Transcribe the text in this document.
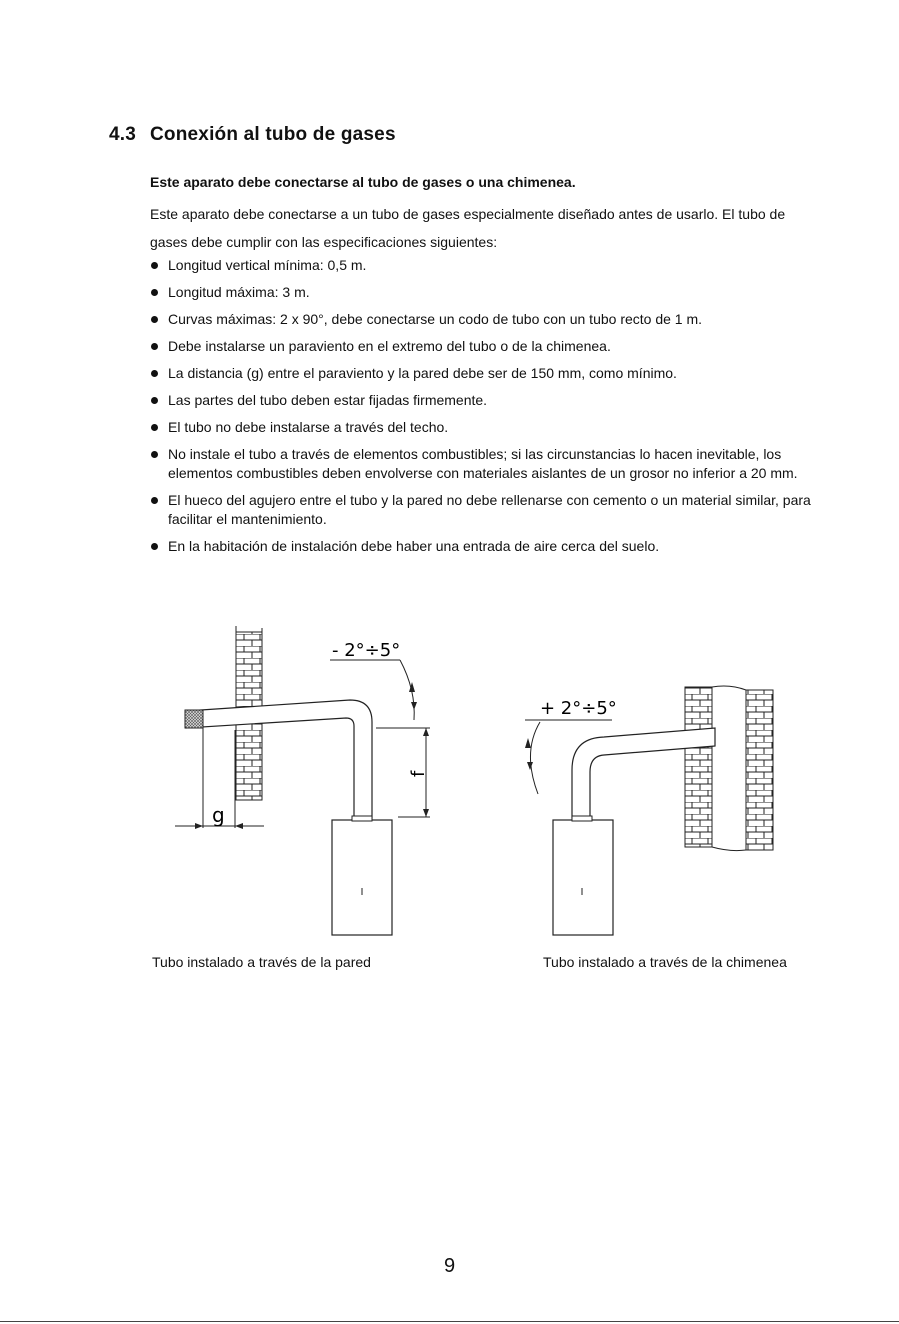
4.3 Conexión al tubo de gases
Este aparato debe conectarse al tubo de gases o una chimenea.
Este aparato debe conectarse a un tubo de gases especialmente diseñado antes de usarlo. El tubo de gases debe cumplir con las especificaciones siguientes:
Longitud vertical mínima: 0,5 m.
Longitud máxima: 3 m.
Curvas máximas: 2 x 90°, debe conectarse un codo de tubo con un tubo recto de 1 m.
Debe instalarse un paraviento en el extremo del tubo o de la chimenea.
La distancia (g) entre el paraviento y la pared debe ser de 150 mm, como mínimo.
Las partes del tubo deben estar fijadas firmemente.
El tubo no debe instalarse a través del techo.
No instale el tubo a través de elementos combustibles; si las circunstancias lo hacen inevitable, los elementos combustibles deben envolverse con materiales aislantes de un grosor no inferior a 20 mm.
El hueco del agujero entre el tubo y la pared no debe rellenarse con cemento o un material similar, para facilitar el mantenimiento.
En la habitación de instalación debe haber una entrada de aire cerca del suelo.
g
f
- 2°÷5°
+ 2°÷5°
Tubo instalado a través de la pared	Tubo instalado a través de la chimenea
9
